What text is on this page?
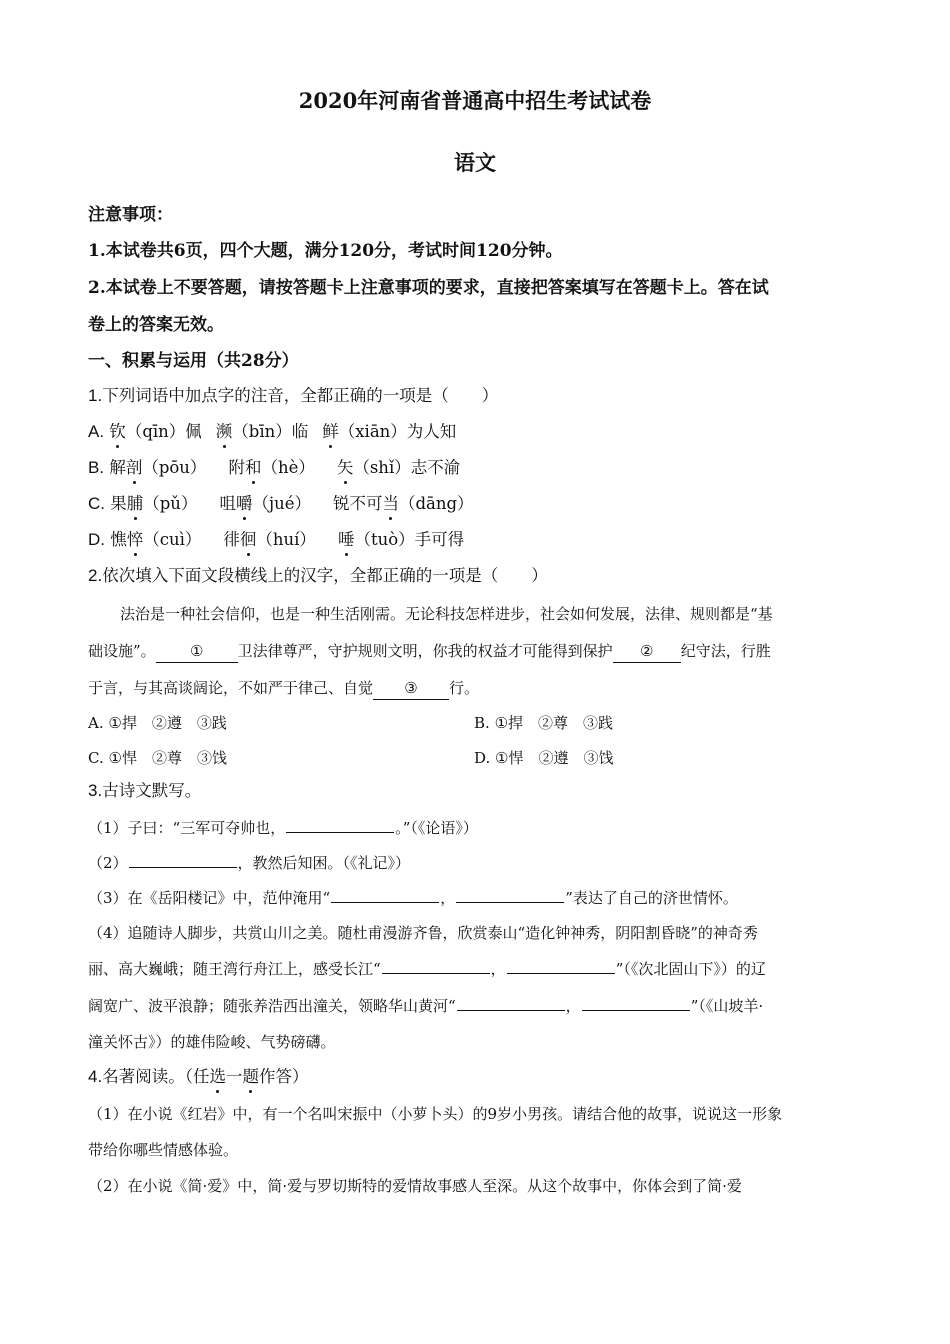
2020年河南省普通高中招生考试试卷
语文
注意事项：
1.本试卷共6页，四个大题，满分120分，考试时间120分钟。
2.本试卷上不要答题，请按答题卡上注意事项的要求，直接把答案填写在答题卡上。答在试
卷上的答案无效。
一、积累与运用（共28分）
1.下列词语中加点字的注音，全都正确的一项是（　　）
A. 钦（qīn）佩 濒（bīn）临 鲜（xiān）为人知
B. 解剖（pōu） 附和（hè） 矢（shǐ）志不渝
C. 果脯（pǔ） 咀嚼（jué） 锐不可当（dāng）
D. 憔悴（cuì） 徘徊（huí） 唾（tuò）手可得
2.依次填入下面文段横线上的汉字，全都正确的一项是（　　）
法治是一种社会信仰，也是一种生活刚需。无论科技怎样进步，社会如何发展，法律、规则都是“基
础设施”。 ① 卫法律尊严，守护规则文明，你我的权益才可能得到保护 ② 纪守法，行胜
于言，与其高谈阔论，不如严于律己、自觉 ③ 行。
A. ①捍　②遵　③践	B. ①捍　②尊　③践
C. ①悍　②尊　③饯	D. ①悍　②遵　③饯
3.古诗文默写。
（1）子曰：“三军可夺帅也，	。”（《论语》）
（2）	，教然后知困。（《礼记》）
（3）在《岳阳楼记》中，范仲淹用“	，	”表达了自己的济世情怀。
（4）追随诗人脚步，共赏山川之美。随杜甫漫游齐鲁，欣赏泰山“造化钟神秀，阴阳割昏晓”的神奇秀
丽、高大巍峨；随王湾行舟江上，感受长江“	，	”（《次北固山下》）的辽
阔宽广、波平浪静；随张养浩西出潼关，领略华山黄河“	，	”（《山坡羊·
潼关怀古》）的雄伟险峻、气势磅礴。
4.名著阅读。（任选一题作答）
（1）在小说《红岩》中，有一个名叫宋振中（小萝卜头）的9岁小男孩。请结合他的故事，说说这一形象
带给你哪些情感体验。
（2）在小说《简·爱》中，简·爱与罗切斯特的爱情故事感人至深。从这个故事中，你体会到了简·爱
